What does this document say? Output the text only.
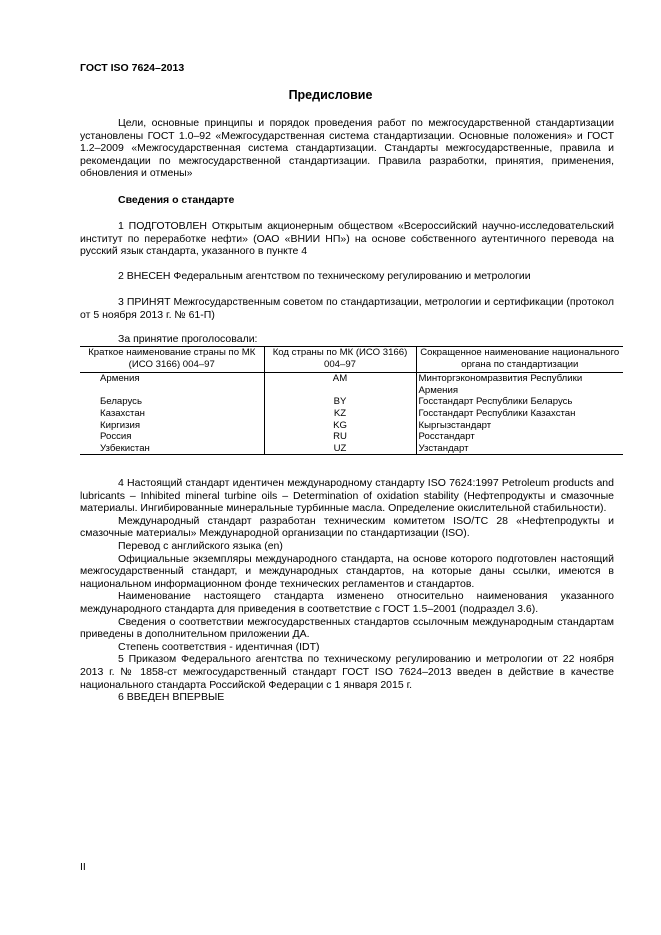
ГОСТ ISO 7624–2013
Предисловие

Цели, основные принципы и порядок проведения работ по межгосударственной стандартизации установлены ГОСТ 1.0–92 «Межгосударственная система стандартизации. Основные положения» и ГОСТ 1.2–2009 «Межгосударственная система стандартизации. Стандарты межгосударственные, правила и рекомендации по межгосударственной стандартизации. Правила разработки, принятия, применения, обновления и отмены»

Сведения о стандарте

1 ПОДГОТОВЛЕН Открытым акционерным обществом «Всероссийский научно-исследовательский институт по переработке нефти» (ОАО «ВНИИ НП») на основе собственного аутентичного перевода на русский язык стандарта, указанного в пункте 4

2 ВНЕСЕН Федеральным агентством по техническому регулированию и метрологии

3 ПРИНЯТ Межгосударственным советом по стандартизации, метрологии и сертификации (протокол от 5 ноября 2013 г. № 61-П)

За принятие проголосовали:

Краткое наименование страны по МК (ИСО 3166) 004–97	Код страны по МК (ИСО 3166) 004–97	Сокращенное наименование национального органа по стандартизации
Армения	AM	Минторгэкономразвития Республики Армения
Беларусь	BY	Госстандарт Республики Беларусь
Казахстан	KZ	Госстандарт Республики Казахстан
Киргизия	KG	Кыргызстандарт
Россия	RU	Росстандарт
Узбекистан	UZ	Узстандарт

4 Настоящий стандарт идентичен международному стандарту ISO 7624:1997 Petroleum products and lubricants – Inhibited mineral turbine oils – Determination of oxidation stability (Нефтепродукты и смазочные материалы. Ингибированные минеральные турбинные масла. Определение окислительной стабильности).

Международный стандарт разработан техническим комитетом ISO/TC 28 «Нефтепродукты и смазочные материалы» Международной организации по стандартизации (ISO).

Перевод с английского языка (en)

Официальные экземпляры международного стандарта, на основе которого подготовлен настоящий межгосударственный стандарт, и международных стандартов, на которые даны ссылки, имеются в национальном информационном фонде технических регламентов и стандартов.

Наименование настоящего стандарта изменено относительно наименования указанного международного стандарта для приведения в соответствие с ГОСТ 1.5–2001 (подраздел 3.6).

Сведения о соответствии межгосударственных стандартов ссылочным международным стандартам приведены в дополнительном приложении ДА.

Степень соответствия - идентичная (IDT)

5 Приказом Федерального агентства по техническому регулированию и метрологии от 22 ноября 2013 г. № 1858-ст межгосударственный стандарт ГОСТ ISO 7624–2013 введен в действие в качестве национального стандарта Российской Федерации с 1 января 2015 г.

6 ВВЕДЕН ВПЕРВЫЕ

II
